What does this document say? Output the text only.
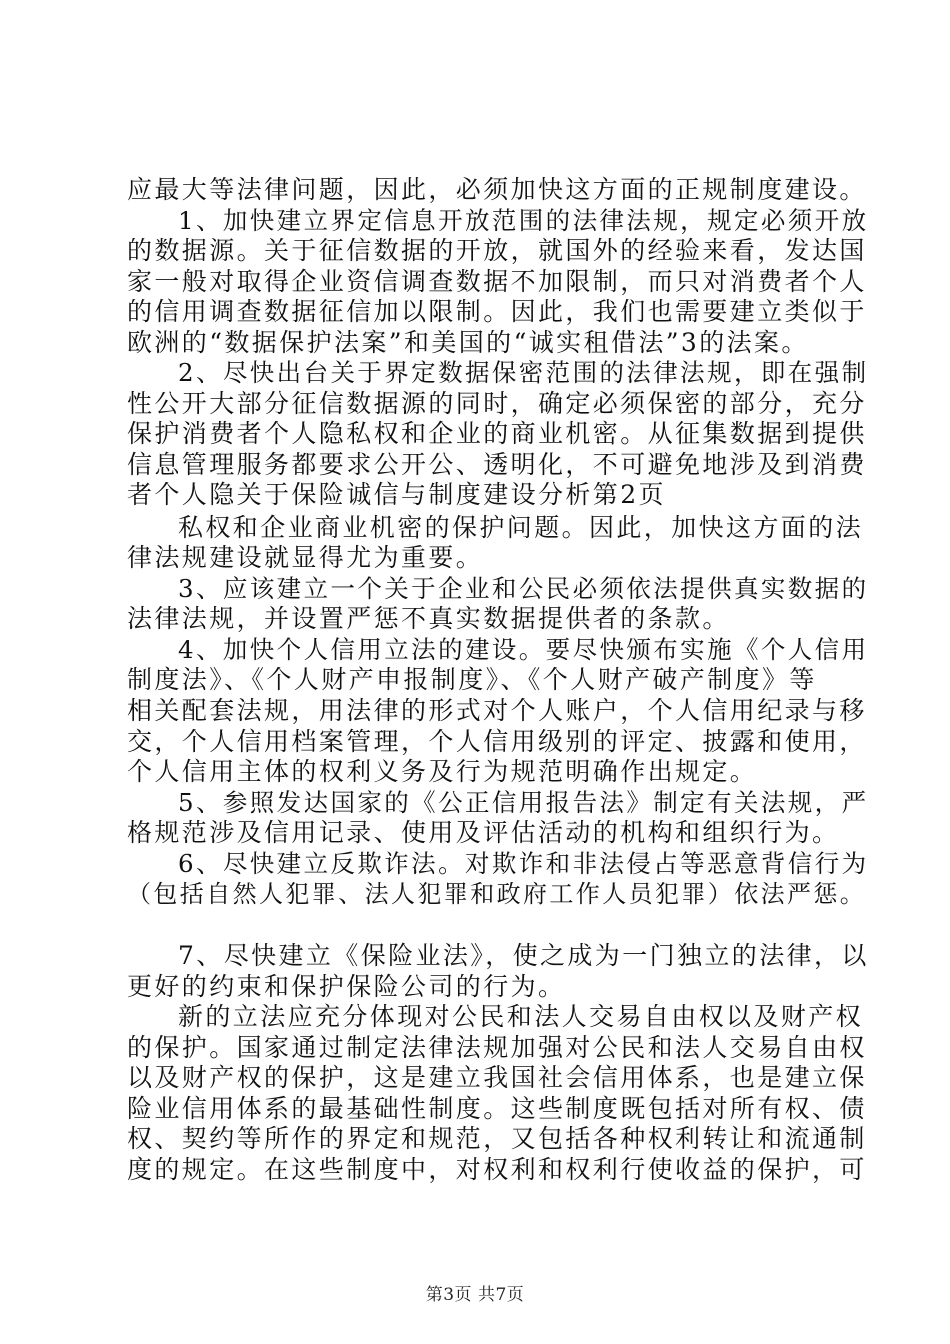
应最大等法律问题，因此，必须加快这方面的正规制度建设。
1、加快建立界定信息开放范围的法律法规，规定必须开放
的数据源。关于征信数据的开放，就国外的经验来看，发达国
家一般对取得企业资信调查数据不加限制，而只对消费者个人
的信用调查数据征信加以限制。因此，我们也需要建立类似于
欧洲的“数据保护法案”和美国的“诚实租借法”3的法案。
2、尽快出台关于界定数据保密范围的法律法规，即在强制
性公开大部分征信数据源的同时，确定必须保密的部分，充分
保护消费者个人隐私权和企业的商业机密。从征集数据到提供
信息管理服务都要求公开公、透明化，不可避免地涉及到消费
者个人隐关于保险诚信与制度建设分析第2页
私权和企业商业机密的保护问题。因此，加快这方面的法
律法规建设就显得尤为重要。
3、应该建立一个关于企业和公民必须依法提供真实数据的
法律法规，并设置严惩不真实数据提供者的条款。
4、加快个人信用立法的建设。要尽快颁布实施《个人信用
制度法》、《个人财产申报制度》、《个人财产破产制度》等
相关配套法规，用法律的形式对个人账户，个人信用纪录与移
交，个人信用档案管理，个人信用级别的评定、披露和使用，
个人信用主体的权利义务及行为规范明确作出规定。
5、参照发达国家的《公正信用报告法》制定有关法规，严
格规范涉及信用记录、使用及评估活动的机构和组织行为。
6、尽快建立反欺诈法。对欺诈和非法侵占等恶意背信行为
（包括自然人犯罪、法人犯罪和政府工作人员犯罪）依法严惩。
7、尽快建立《保险业法》，使之成为一门独立的法律，以
更好的约束和保护保险公司的行为。
新的立法应充分体现对公民和法人交易自由权以及财产权
的保护。国家通过制定法律法规加强对公民和法人交易自由权
以及财产权的保护，这是建立我国社会信用体系，也是建立保
险业信用体系的最基础性制度。这些制度既包括对所有权、债
权、契约等所作的界定和规范，又包括各种权利转让和流通制
度的规定。在这些制度中，对权利和权利行使收益的保护，可
第3页 共7页
